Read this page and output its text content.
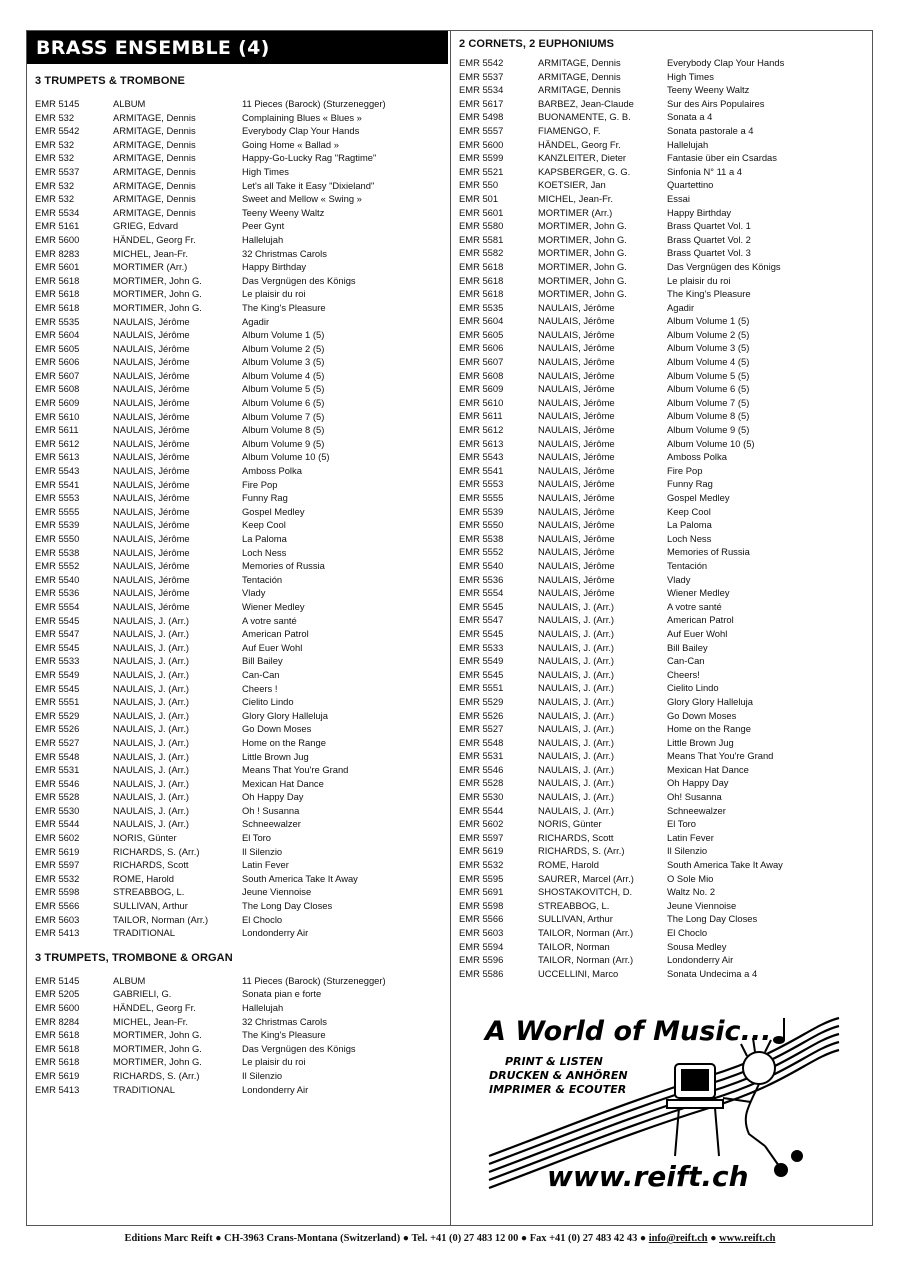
BRASS ENSEMBLE (4)
3 TRUMPETS & TROMBONE
EMR 5145	ALBUM	11 Pieces (Barock) (Sturzenegger)
EMR 532	ARMITAGE, Dennis	Complaining Blues « Blues »
EMR 5542	ARMITAGE, Dennis	Everybody Clap Your Hands
EMR 532	ARMITAGE, Dennis	Going Home « Ballad »
EMR 532	ARMITAGE, Dennis	Happy-Go-Lucky Rag "Ragtime"
EMR 5537	ARMITAGE, Dennis	High Times
EMR 532	ARMITAGE, Dennis	Let's all Take it Easy "Dixieland"
EMR 532	ARMITAGE, Dennis	Sweet and Mellow « Swing »
EMR 5534	ARMITAGE, Dennis	Teeny Weeny Waltz
EMR 5161	GRIEG, Edvard	Peer Gynt
EMR 5600	HÄNDEL, Georg Fr.	Hallelujah
EMR 8283	MICHEL, Jean-Fr.	32 Christmas Carols
EMR 5601	MORTIMER (Arr.)	Happy Birthday
EMR 5618	MORTIMER, John G.	Das Vergnügen des Königs
EMR 5618	MORTIMER, John G.	Le plaisir du roi
EMR 5618	MORTIMER, John G.	The King's Pleasure
EMR 5535	NAULAIS, Jérôme	Agadir
EMR 5604	NAULAIS, Jérôme	Album Volume 1 (5)
EMR 5605	NAULAIS, Jérôme	Album Volume 2 (5)
EMR 5606	NAULAIS, Jérôme	Album Volume 3 (5)
EMR 5607	NAULAIS, Jérôme	Album Volume 4 (5)
EMR 5608	NAULAIS, Jérôme	Album Volume 5 (5)
EMR 5609	NAULAIS, Jérôme	Album Volume 6 (5)
EMR 5610	NAULAIS, Jérôme	Album Volume 7 (5)
EMR 5611	NAULAIS, Jérôme	Album Volume 8 (5)
EMR 5612	NAULAIS, Jérôme	Album Volume 9 (5)
EMR 5613	NAULAIS, Jérôme	Album Volume 10 (5)
EMR 5543	NAULAIS, Jérôme	Amboss Polka
EMR 5541	NAULAIS, Jérôme	Fire Pop
EMR 5553	NAULAIS, Jérôme	Funny Rag
EMR 5555	NAULAIS, Jérôme	Gospel Medley
EMR 5539	NAULAIS, Jérôme	Keep Cool
EMR 5550	NAULAIS, Jérôme	La Paloma
EMR 5538	NAULAIS, Jérôme	Loch Ness
EMR 5552	NAULAIS, Jérôme	Memories of Russia
EMR 5540	NAULAIS, Jérôme	Tentación
EMR 5536	NAULAIS, Jérôme	Vlady
EMR 5554	NAULAIS, Jérôme	Wiener Medley
EMR 5545	NAULAIS, J. (Arr.)	A votre santé
EMR 5547	NAULAIS, J. (Arr.)	American Patrol
EMR 5545	NAULAIS, J. (Arr.)	Auf Euer Wohl
EMR 5533	NAULAIS, J. (Arr.)	Bill Bailey
EMR 5549	NAULAIS, J. (Arr.)	Can-Can
EMR 5545	NAULAIS, J. (Arr.)	Cheers !
EMR 5551	NAULAIS, J. (Arr.)	Cielito Lindo
EMR 5529	NAULAIS, J. (Arr.)	Glory Glory Halleluja
EMR 5526	NAULAIS, J. (Arr.)	Go Down Moses
EMR 5527	NAULAIS, J. (Arr.)	Home on the Range
EMR 5548	NAULAIS, J. (Arr.)	Little Brown Jug
EMR 5531	NAULAIS, J. (Arr.)	Means That You're Grand
EMR 5546	NAULAIS, J. (Arr.)	Mexican Hat Dance
EMR 5528	NAULAIS, J. (Arr.)	Oh Happy Day
EMR 5530	NAULAIS, J. (Arr.)	Oh ! Susanna
EMR 5544	NAULAIS, J. (Arr.)	Schneewalzer
EMR 5602	NORIS, Günter	El Toro
EMR 5619	RICHARDS, S. (Arr.)	Il Silenzio
EMR 5597	RICHARDS, Scott	Latin Fever
EMR 5532	ROME, Harold	South America Take It Away
EMR 5598	STREABBOG, L.	Jeune Viennoise
EMR 5566	SULLIVAN, Arthur	The Long Day Closes
EMR 5603	TAILOR, Norman (Arr.)	El Choclo
EMR 5413	TRADITIONAL	Londonderry Air
3 TRUMPETS, TROMBONE & ORGAN
EMR 5145	ALBUM	11 Pieces (Barock) (Sturzenegger)
EMR 5205	GABRIELI, G.	Sonata pian e forte
EMR 5600	HÄNDEL, Georg Fr.	Hallelujah
EMR 8284	MICHEL, Jean-Fr.	32 Christmas Carols
EMR 5618	MORTIMER, John G.	The King's Pleasure
EMR 5618	MORTIMER, John G.	Das Vergnügen des Königs
EMR 5618	MORTIMER, John G.	Le plaisir du roi
EMR 5619	RICHARDS, S. (Arr.)	Il Silenzio
EMR 5413	TRADITIONAL	Londonderry Air
2 CORNETS, 2 EUPHONIUMS
EMR 5542	ARMITAGE, Dennis	Everybody Clap Your Hands
EMR 5537	ARMITAGE, Dennis	High Times
EMR 5534	ARMITAGE, Dennis	Teeny Weeny Waltz
EMR 5617	BARBEZ, Jean-Claude	Sur des Airs Populaires
EMR 5498	BUONAMENTE, G. B.	Sonata a 4
EMR 5557	FIAMENGO, F.	Sonata pastorale a 4
EMR 5600	HÄNDEL, Georg Fr.	Hallelujah
EMR 5599	KANZLEITER, Dieter	Fantasie über ein Csardas
EMR 5521	KAPSBERGER, G. G.	Sinfonia N° 11 a 4
EMR 550	KOETSIER, Jan	Quartettino
EMR 501	MICHEL, Jean-Fr.	Essai
EMR 5601	MORTIMER (Arr.)	Happy Birthday
EMR 5580	MORTIMER, John G.	Brass Quartet Vol. 1
EMR 5581	MORTIMER, John G.	Brass Quartet Vol. 2
EMR 5582	MORTIMER, John G.	Brass Quartet Vol. 3
EMR 5618	MORTIMER, John G.	Das Vergnügen des Königs
EMR 5618	MORTIMER, John G.	Le plaisir du roi
EMR 5618	MORTIMER, John G.	The King's Pleasure
EMR 5535	NAULAIS, Jérôme	Agadir
EMR 5604	NAULAIS, Jérôme	Album Volume 1 (5)
EMR 5605	NAULAIS, Jérôme	Album Volume 2 (5)
EMR 5606	NAULAIS, Jérôme	Album Volume 3 (5)
EMR 5607	NAULAIS, Jérôme	Album Volume 4 (5)
EMR 5608	NAULAIS, Jérôme	Album Volume 5 (5)
EMR 5609	NAULAIS, Jérôme	Album Volume 6 (5)
EMR 5610	NAULAIS, Jérôme	Album Volume 7 (5)
EMR 5611	NAULAIS, Jérôme	Album Volume 8 (5)
EMR 5612	NAULAIS, Jérôme	Album Volume 9 (5)
EMR 5613	NAULAIS, Jérôme	Album Volume 10 (5)
EMR 5543	NAULAIS, Jérôme	Amboss Polka
EMR 5541	NAULAIS, Jérôme	Fire Pop
EMR 5553	NAULAIS, Jérôme	Funny Rag
EMR 5555	NAULAIS, Jérôme	Gospel Medley
EMR 5539	NAULAIS, Jérôme	Keep Cool
EMR 5550	NAULAIS, Jérôme	La Paloma
EMR 5538	NAULAIS, Jérôme	Loch Ness
EMR 5552	NAULAIS, Jérôme	Memories of Russia
EMR 5540	NAULAIS, Jérôme	Tentación
EMR 5536	NAULAIS, Jérôme	Vlady
EMR 5554	NAULAIS, Jérôme	Wiener Medley
EMR 5545	NAULAIS, J. (Arr.)	A votre santé
EMR 5547	NAULAIS, J. (Arr.)	American Patrol
EMR 5545	NAULAIS, J. (Arr.)	Auf Euer Wohl
EMR 5533	NAULAIS, J. (Arr.)	Bill Bailey
EMR 5549	NAULAIS, J. (Arr.)	Can-Can
EMR 5545	NAULAIS, J. (Arr.)	Cheers!
EMR 5551	NAULAIS, J. (Arr.)	Cielito Lindo
EMR 5529	NAULAIS, J. (Arr.)	Glory Glory Halleluja
EMR 5526	NAULAIS, J. (Arr.)	Go Down Moses
EMR 5527	NAULAIS, J. (Arr.)	Home on the Range
EMR 5548	NAULAIS, J. (Arr.)	Little Brown Jug
EMR 5531	NAULAIS, J. (Arr.)	Means That You're Grand
EMR 5546	NAULAIS, J. (Arr.)	Mexican Hat Dance
EMR 5528	NAULAIS, J. (Arr.)	Oh Happy Day
EMR 5530	NAULAIS, J. (Arr.)	Oh! Susanna
EMR 5544	NAULAIS, J. (Arr.)	Schneewalzer
EMR 5602	NORIS, Günter	El Toro
EMR 5597	RICHARDS, Scott	Latin Fever
EMR 5619	RICHARDS, S. (Arr.)	Il Silenzio
EMR 5532	ROME, Harold	South America Take It Away
EMR 5595	SAURER, Marcel (Arr.)	O Sole Mio
EMR 5691	SHOSTAKOVITCH, D.	Waltz No. 2
EMR 5598	STREABBOG, L.	Jeune Viennoise
EMR 5566	SULLIVAN, Arthur	The Long Day Closes
EMR 5603	TAILOR, Norman (Arr.)	El Choclo
EMR 5594	TAILOR, Norman	Sousa Medley
EMR 5596	TAILOR, Norman (Arr.)	Londonderry Air
EMR 5586	UCCELLINI, Marco	Sonata Undecima a 4
A World of Music...
PRINT & LISTEN
DRUCKEN & ANHÖREN
IMPRIMER & ECOUTER
www.reift.ch
Editions Marc Reift ● CH-3963 Crans-Montana (Switzerland) ● Tel. +41 (0) 27 483 12 00 ● Fax +41 (0) 27 483 42 43 ● info@reift.ch ● www.reift.ch
